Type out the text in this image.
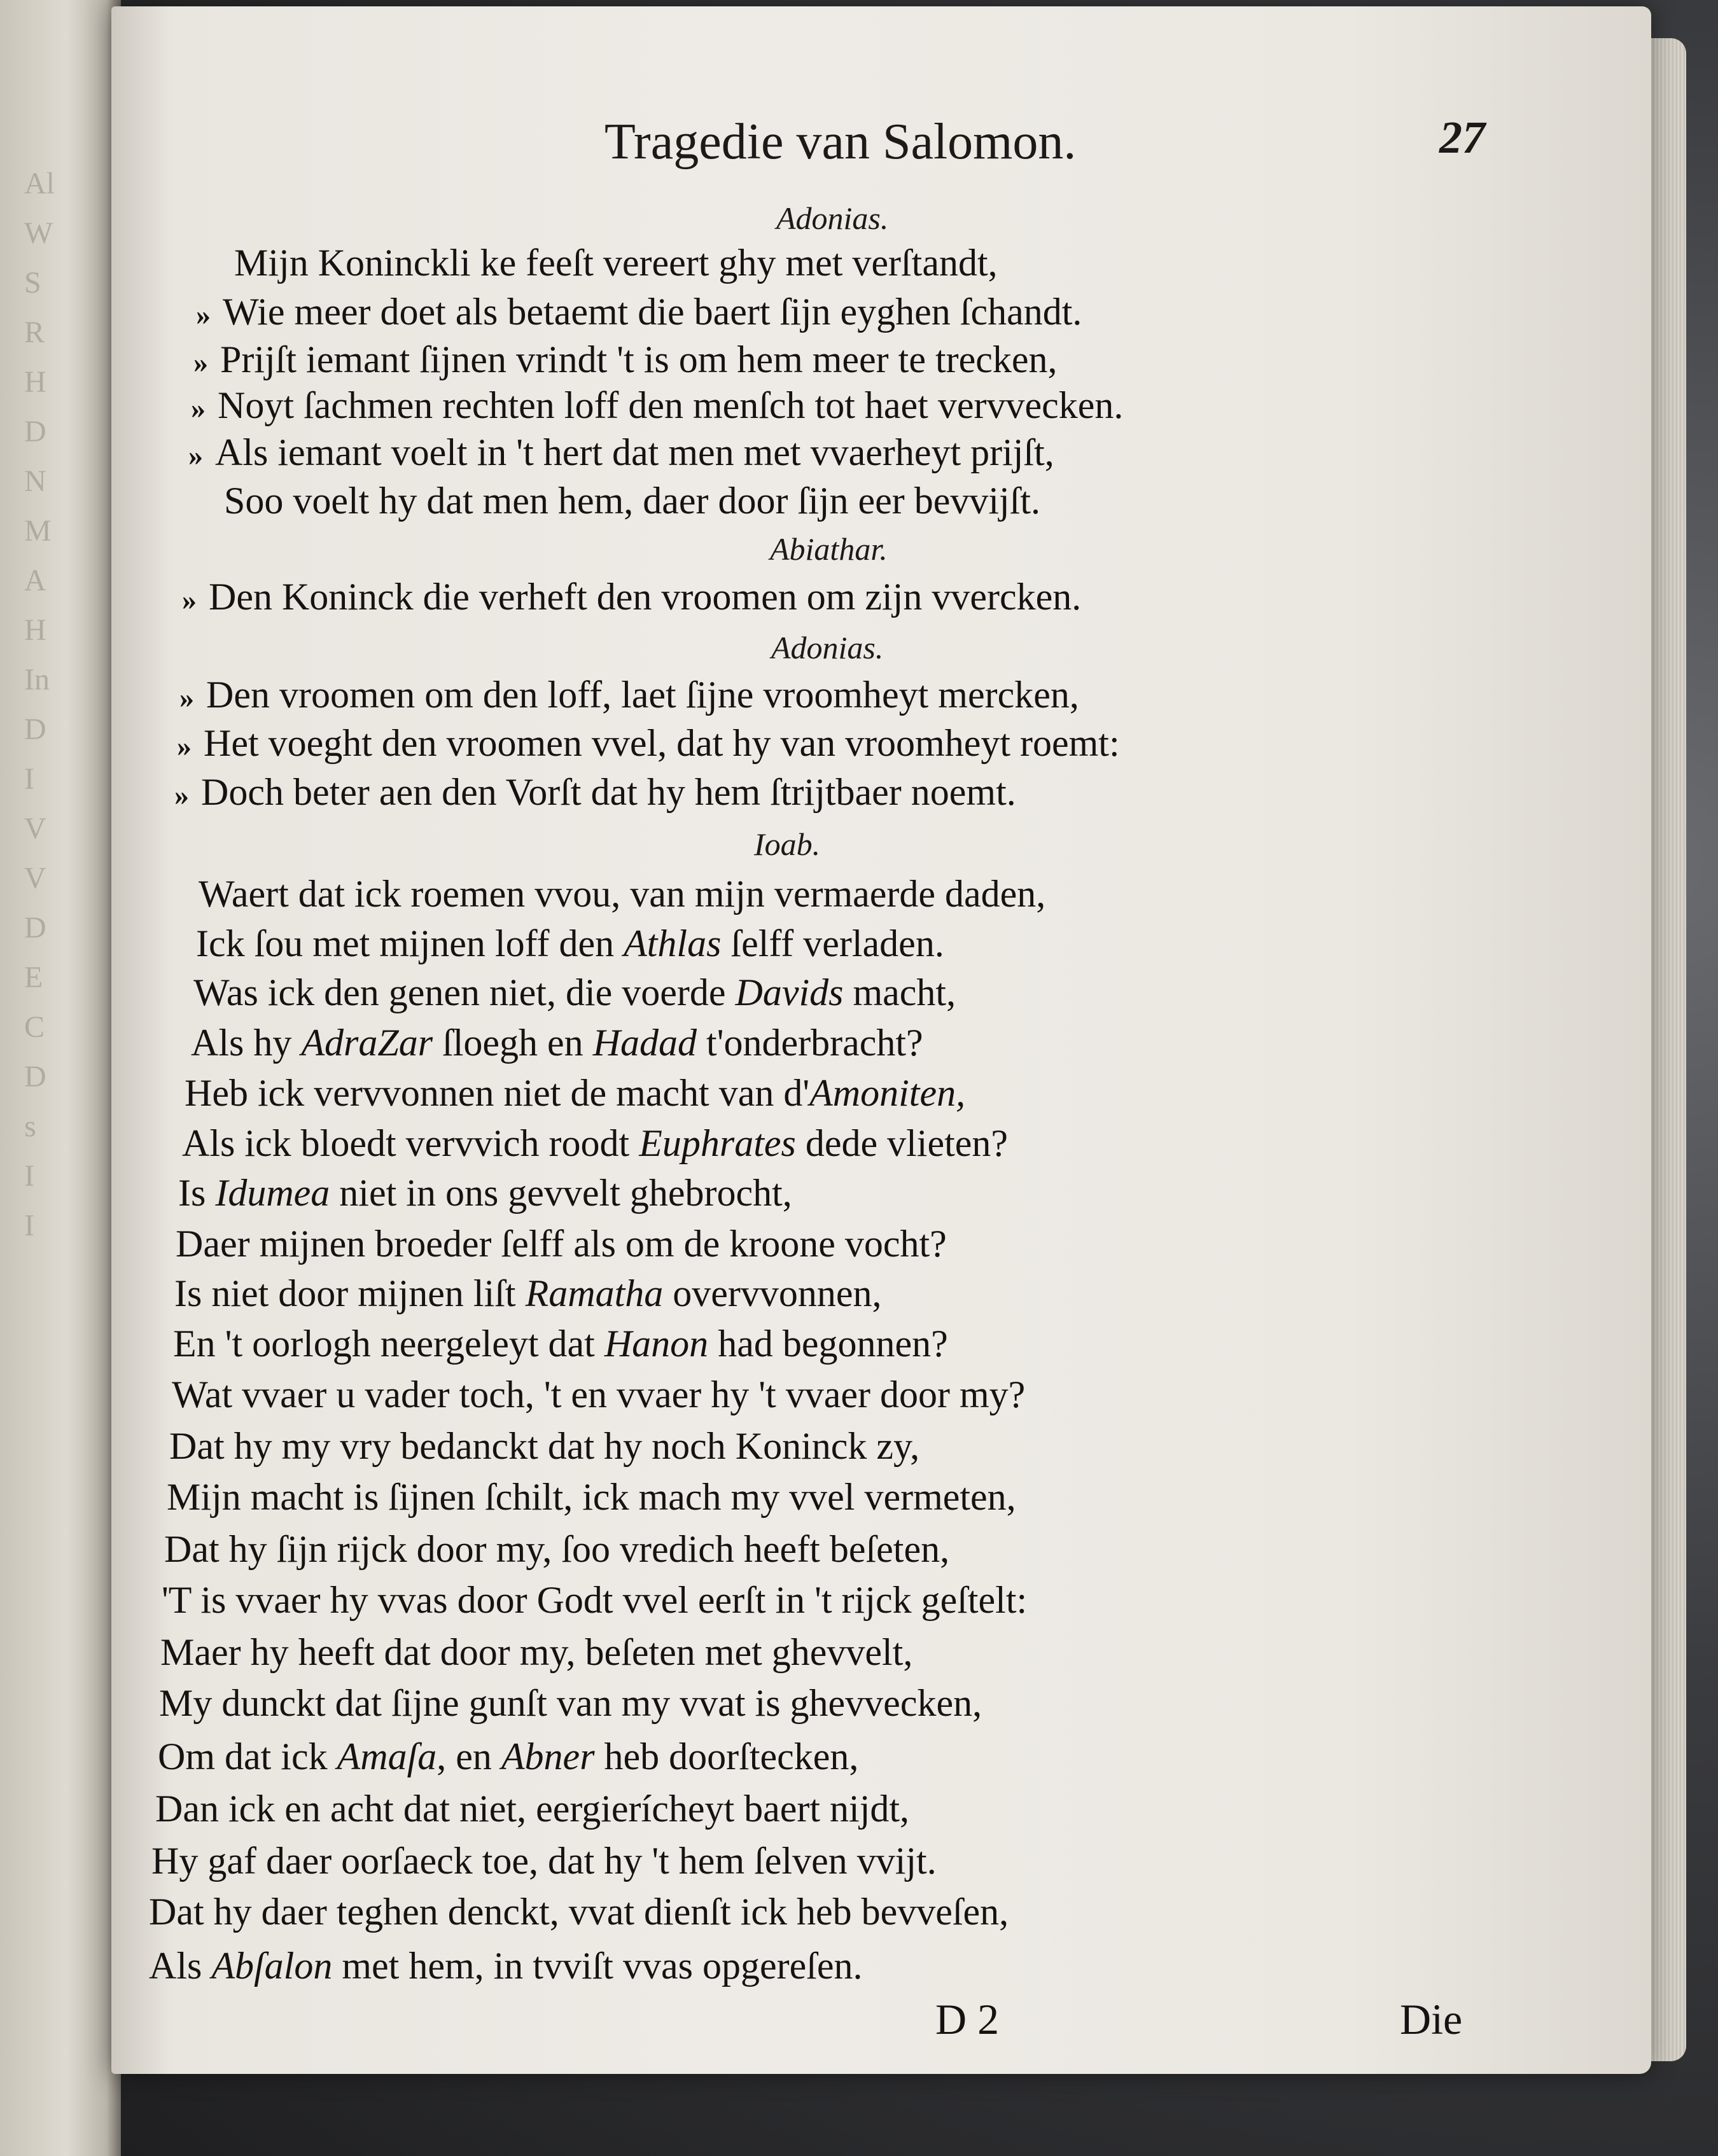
Al
W
S
R
H
D
N
M
A
H
In
D
I
V
V
D
E
C
D
s
I
I
Tragedie van Salomon.	27
Adonias.
Mijn Koninckli ke feeſt vereert ghy met verſtandt,
» Wie meer doet als betaemt die baert ſijn eyghen ſchandt.
» Prijſt iemant ſijnen vrindt 't is om hem meer te trecken,
» Noyt ſachmen rechten loff den menſch tot haet vervvecken.
» Als iemant voelt in 't hert dat men met vvaerheyt prijſt,
Soo voelt hy dat men hem, daer door ſijn eer bevvijſt.
Abiathar.
» Den Koninck die verheft den vroomen om zijn vvercken.
Adonias.
» Den vroomen om den loff, laet ſijne vroomheyt mercken,
» Het voeght den vroomen vvel, dat hy van vroomheyt roemt:
» Doch beter aen den Vorſt dat hy hem ſtrijtbaer noemt.
Ioab.
Waert dat ick roemen vvou, van mijn vermaerde daden,
Ick ſou met mijnen loff den Athlas ſelff verladen.
Was ick den genen niet, die voerde Davids macht,
Als hy AdraZar ſloegh en Hadad t'onderbracht?
Heb ick vervvonnen niet de macht van d'Amoniten,
Als ick bloedt vervvich roodt Euphrates dede vlieten?
Is Idumea niet in ons gevvelt ghebrocht,
Daer mijnen broeder ſelff als om de kroone vocht?
Is niet door mijnen liſt Ramatha overvvonnen,
En 't oorlogh neergeleyt dat Hanon had begonnen?
Wat vvaer u vader toch, 't en vvaer hy 't vvaer door my?
Dat hy my vry bedanckt dat hy noch Koninck zy,
Mijn macht is ſijnen ſchilt, ick mach my vvel vermeten,
Dat hy ſijn rijck door my, ſoo vredich heeft beſeten,
'T is vvaer hy vvas door Godt vvel eerſt in 't rijck geſtelt:
Maer hy heeft dat door my, beſeten met ghevvelt,
My dunckt dat ſijne gunſt van my vvat is ghevvecken,
Om dat ick Amaſa, en Abner heb doorſtecken,
Dan ick en acht dat niet, eergierícheyt baert nijdt,
Hy gaf daer oorſaeck toe, dat hy 't hem ſelven vvijt.
Dat hy daer teghen denckt, vvat dienſt ick heb bevveſen,
Als Abſalon met hem, in tvviſt vvas opgereſen.
D 2	Die
